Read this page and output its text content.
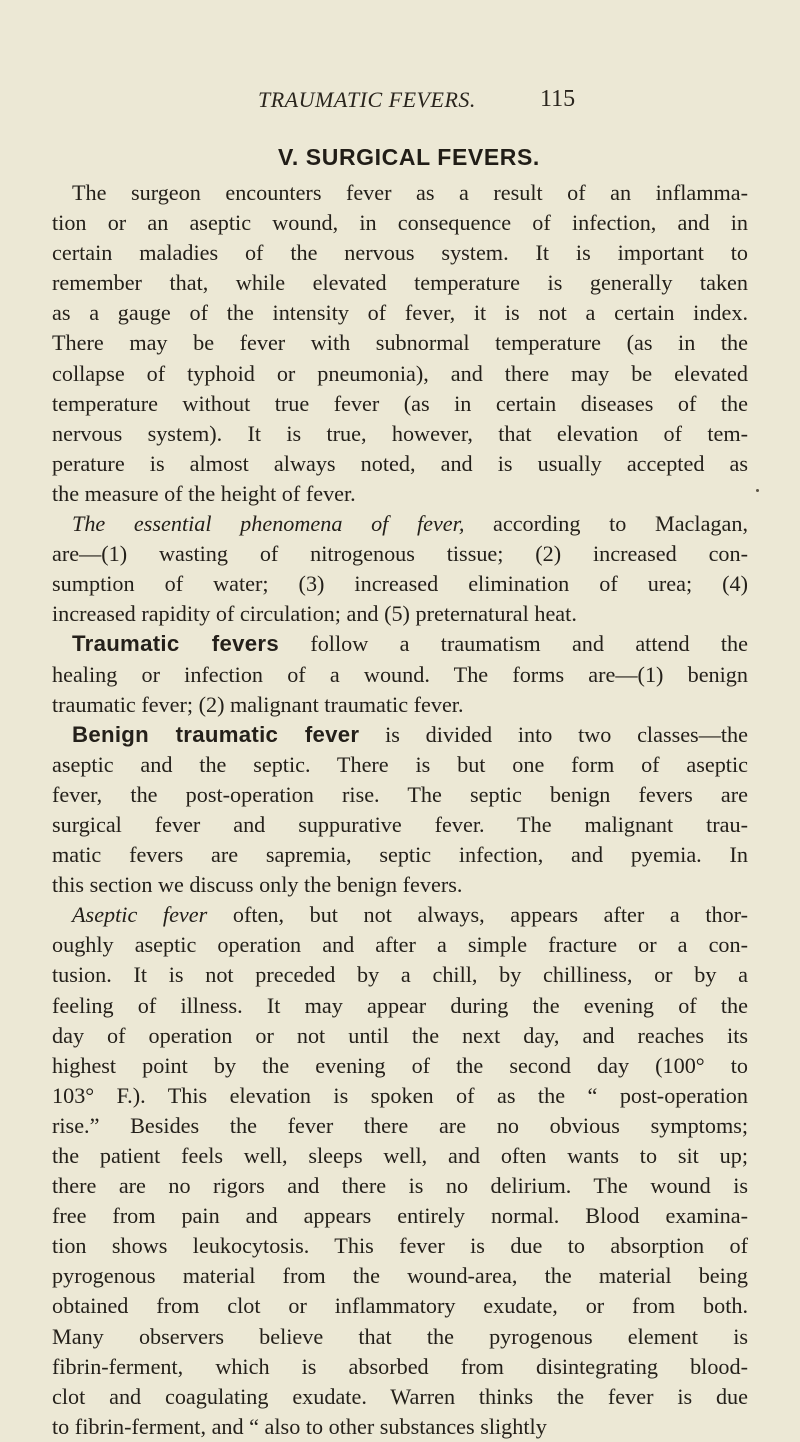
TRAUMATIC FEVERS.	115
V. SURGICAL FEVERS.
The surgeon encounters fever as a result of an inflamma-
tion or an aseptic wound, in consequence of infection, and in
certain maladies of the nervous system. It is important to
remember that, while elevated temperature is generally taken
as a gauge of the intensity of fever, it is not a certain index.
There may be fever with subnormal temperature (as in the
collapse of typhoid or pneumonia), and there may be elevated
temperature without true fever (as in certain diseases of the
nervous system). It is true, however, that elevation of tem-
perature is almost always noted, and is usually accepted as
the measure of the height of fever.
The essential phenomena of fever, according to Maclagan,
are—(1) wasting of nitrogenous tissue; (2) increased con-
sumption of water; (3) increased elimination of urea; (4)
increased rapidity of circulation; and (5) preternatural heat.
Traumatic fevers follow a traumatism and attend the
healing or infection of a wound. The forms are—(1) benign
traumatic fever; (2) malignant traumatic fever.
Benign traumatic fever is divided into two classes—the
aseptic and the septic. There is but one form of aseptic
fever, the post-operation rise. The septic benign fevers are
surgical fever and suppurative fever. The malignant trau-
matic fevers are sapremia, septic infection, and pyemia. In
this section we discuss only the benign fevers.
Aseptic fever often, but not always, appears after a thor-
oughly aseptic operation and after a simple fracture or a con-
tusion. It is not preceded by a chill, by chilliness, or by a
feeling of illness. It may appear during the evening of the
day of operation or not until the next day, and reaches its
highest point by the evening of the second day (100° to
103° F.). This elevation is spoken of as the “ post-operation
rise.” Besides the fever there are no obvious symptoms;
the patient feels well, sleeps well, and often wants to sit up;
there are no rigors and there is no delirium. The wound is
free from pain and appears entirely normal. Blood examina-
tion shows leukocytosis. This fever is due to absorption of
pyrogenous material from the wound-area, the material being
obtained from clot or inflammatory exudate, or from both.
Many observers believe that the pyrogenous element is
fibrin-ferment, which is absorbed from disintegrating blood-
clot and coagulating exudate. Warren thinks the fever is due
to fibrin-ferment, and “ also to other substances slightly
